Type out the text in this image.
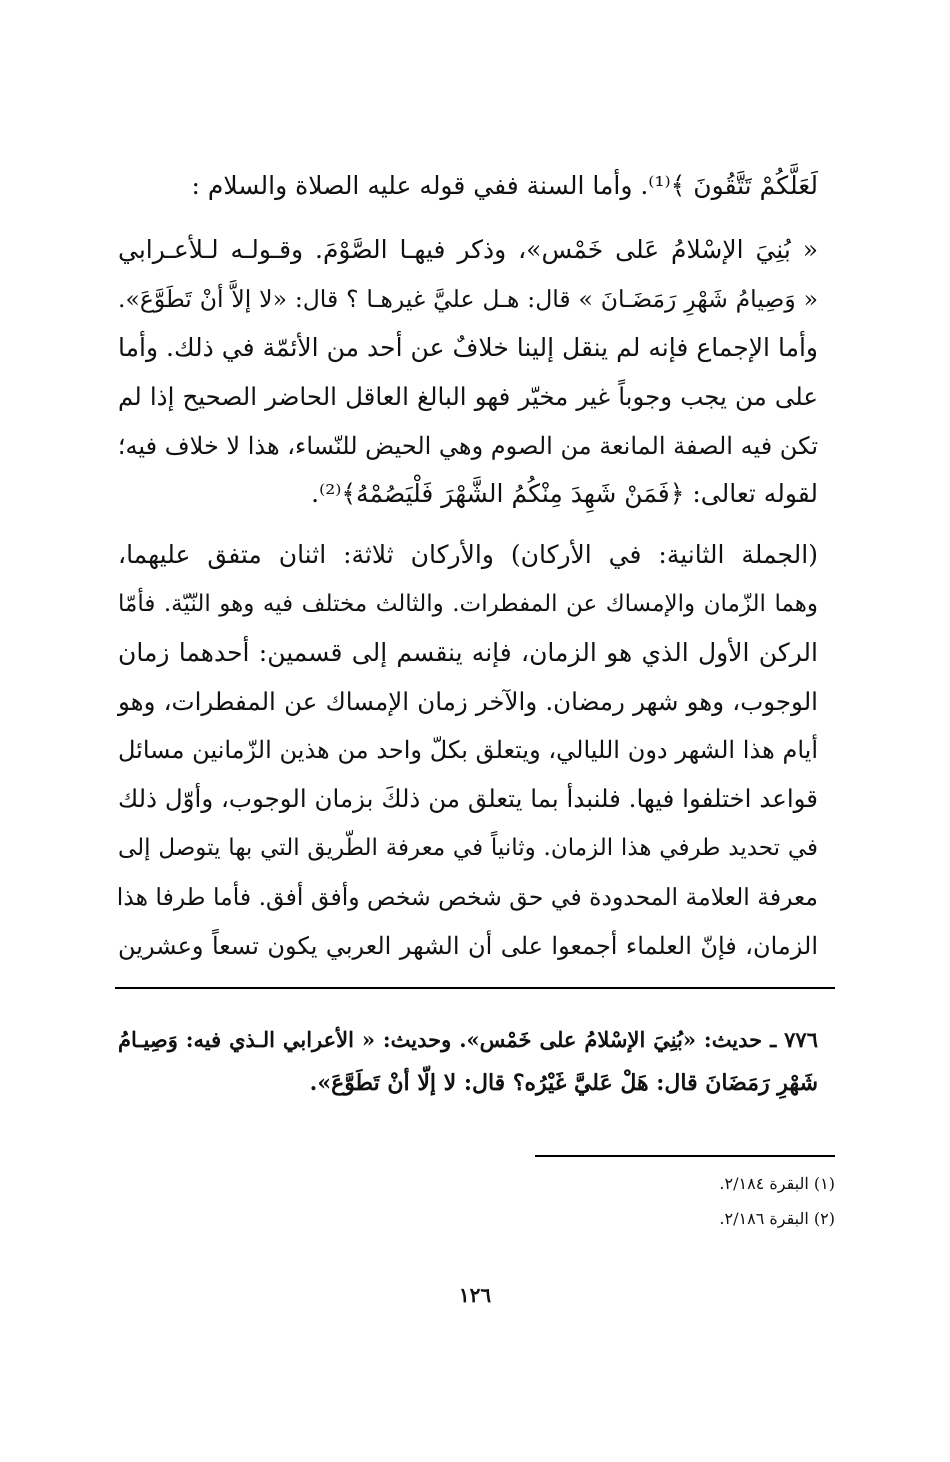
لَعَلَّكُمْ تَتَّقُونَ ﴾⁽¹⁾. وأما السنة ففي قوله عليه الصلاة والسلام :
« بُنِيَ الإسْلامُ عَلى خَمْس»، وذكر فيهـا الصَّوْمَ. وقـولـه لـلأعـرابي
« وَصِيامُ شَهْرِ رَمَضَـانَ » قال: هـل عليَّ غيرهـا ؟ قال: «لا إلاَّ أنْ تَطَوَّعَ».
وأما الإجماع فإنه لم ينقل إلينا خلافٌ عن أحد من الأئمّة في ذلك. وأما
على من يجب وجوباً غير مخيّر فهو البالغ العاقل الحاضر الصحيح إذا لم
تكن فيه الصفة المانعة من الصوم وهي الحيض للنّساء، هذا لا خلاف فيه؛
لقوله تعالى: ﴿فَمَنْ شَهِدَ مِنْكُمُ الشَّهْرَ فَلْيَصُمْهُ﴾⁽²⁾.
(الجملة الثانية: في الأركان) والأركان ثلاثة: اثنان متفق عليهما،
وهما الزّمان والإمساك عن المفطرات. والثالث مختلف فيه وهو النّيّة. فأمّا
الركن الأول الذي هو الزمان، فإنه ينقسم إلى قسمين: أحدهما زمان
الوجوب، وهو شهر رمضان. والآخر زمان الإمساك عن المفطرات، وهو
أيام هذا الشهر دون الليالي، ويتعلق بكلّ واحد من هذين الزّمانين مسائل
قواعد اختلفوا فيها. فلنبدأ بما يتعلق من ذلكَ بزمان الوجوب، وأوّل ذلك
في تحديد طرفي هذا الزمان. وثانياً في معرفة الطّريق التي بها يتوصل إلى
معرفة العلامة المحدودة في حق شخص شخص وأفق أفق. فأما طرفا هذا
الزمان، فإنّ العلماء أجمعوا على أن الشهر العربي يكون تسعاً وعشرين
٧٧٦ ـ حديث: «بُنِيَ الإسْلامُ على خَمْس». وحديث: « الأعرابي الـذي فيه: وَصِيـامُ
شَهْرِ رَمَضَانَ قال: هَلْ عَليَّ غَيْرُه؟ قال: لا إلّا أنْ تَطَوَّعَ».
(١) البقرة ٢/١٨٤.
(٢) البقرة ٢/١٨٦.
١٢٦
